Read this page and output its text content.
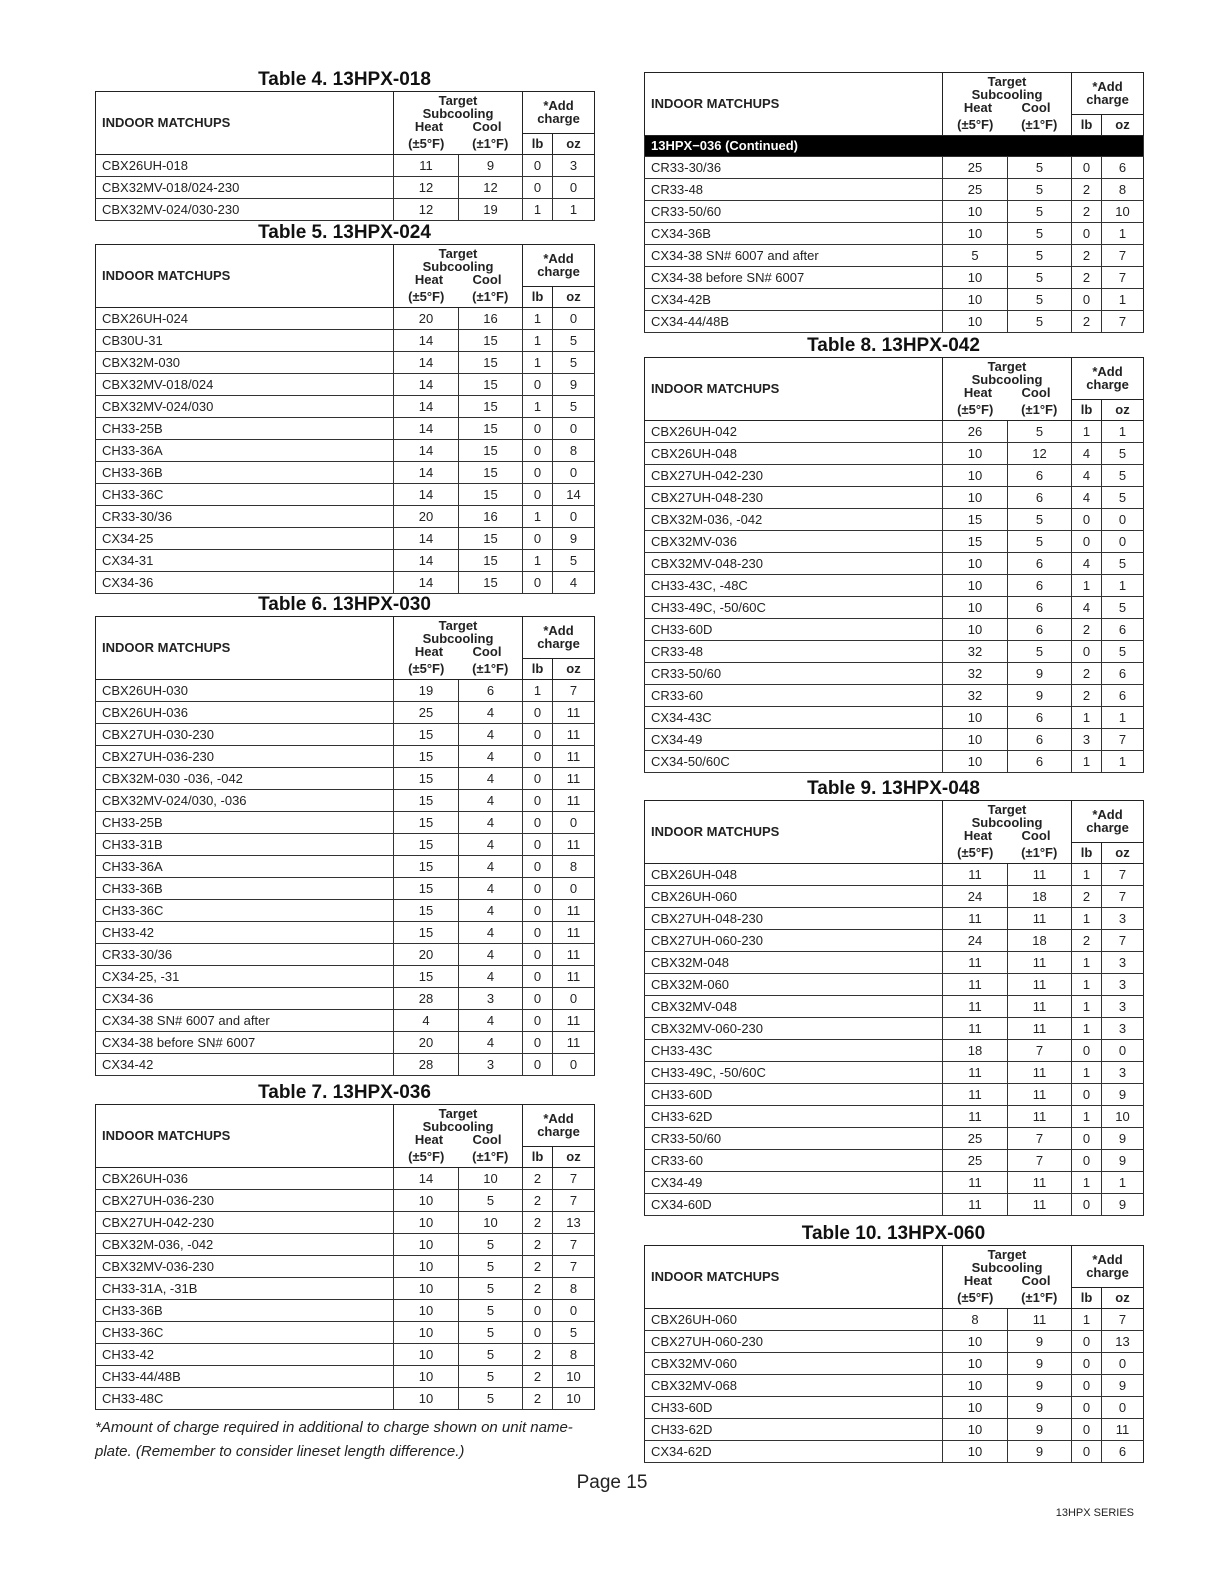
Table 4. 13HPX-018
INDOOR MATCHUPS	Target
Subcooling
Heat Cool		*Add
charge	
	(±5°F)	(±1°F)	lb	oz
CBX26UH-018	11	9	0	3
CBX32MV-018/024-230	12	12	0	0
CBX32MV-024/030-230	12	19	1	1
Table 5. 13HPX-024
INDOOR MATCHUPS	Target
Subcooling
Heat Cool		*Add
charge	
	(±5°F)	(±1°F)	lb	oz
CBX26UH-024	20	16	1	0
CB30U-31	14	15	1	5
CBX32M-030	14	15	1	5
CBX32MV-018/024	14	15	0	9
CBX32MV-024/030	14	15	1	5
CH33-25B	14	15	0	0
CH33-36A	14	15	0	8
CH33-36B	14	15	0	0
CH33-36C	14	15	0	14
CR33-30/36	20	16	1	0
CX34-25	14	15	0	9
CX34-31	14	15	1	5
CX34-36	14	15	0	4
Table 6. 13HPX-030
INDOOR MATCHUPS	Target
Subcooling
Heat Cool		*Add
charge	
	(±5°F)	(±1°F)	lb	oz
CBX26UH-030	19	6	1	7
CBX26UH-036	25	4	0	11
CBX27UH-030-230	15	4	0	11
CBX27UH-036-230	15	4	0	11
CBX32M-030 -036, -042	15	4	0	11
CBX32MV-024/030, -036	15	4	0	11
CH33-25B	15	4	0	0
CH33-31B	15	4	0	11
CH33-36A	15	4	0	8
CH33-36B	15	4	0	0
CH33-36C	15	4	0	11
CH33-42	15	4	0	11
CR33-30/36	20	4	0	11
CX34-25, -31	15	4	0	11
CX34-36	28	3	0	0
CX34-38 SN# 6007 and after	4	4	0	11
CX34-38 before SN# 6007	20	4	0	11
CX34-42	28	3	0	0
Table 7. 13HPX-036
INDOOR MATCHUPS	Target
Subcooling
Heat Cool		*Add
charge	
	(±5°F)	(±1°F)	lb	oz
CBX26UH-036	14	10	2	7
CBX27UH-036-230	10	5	2	7
CBX27UH-042-230	10	10	2	13
CBX32M-036, -042	10	5	2	7
CBX32MV-036-230	10	5	2	7
CH33-31A, -31B	10	5	2	8
CH33-36B	10	5	0	0
CH33-36C	10	5	0	5
CH33-42	10	5	2	8
CH33-44/48B	10	5	2	10
CH33-48C	10	5	2	10
INDOOR MATCHUPS	Target
Subcooling
Heat Cool		*Add
charge	
	(±5°F)	(±1°F)	lb	oz
13HPX−036 (Continued)				
CR33-30/36	25	5	0	6
CR33-48	25	5	2	8
CR33-50/60	10	5	2	10
CX34-36B	10	5	0	1
CX34-38 SN# 6007 and after	5	5	2	7
CX34-38 before SN# 6007	10	5	2	7
CX34-42B	10	5	0	1
CX34-44/48B	10	5	2	7
Table 8. 13HPX-042
INDOOR MATCHUPS	Target
Subcooling
Heat Cool		*Add
charge	
	(±5°F)	(±1°F)	lb	oz
CBX26UH-042	26	5	1	1
CBX26UH-048	10	12	4	5
CBX27UH-042-230	10	6	4	5
CBX27UH-048-230	10	6	4	5
CBX32M-036, -042	15	5	0	0
CBX32MV-036	15	5	0	0
CBX32MV-048-230	10	6	4	5
CH33-43C, -48C	10	6	1	1
CH33-49C, -50/60C	10	6	4	5
CH33-60D	10	6	2	6
CR33-48	32	5	0	5
CR33-50/60	32	9	2	6
CR33-60	32	9	2	6
CX34-43C	10	6	1	1
CX34-49	10	6	3	7
CX34-50/60C	10	6	1	1
Table 9. 13HPX-048
INDOOR MATCHUPS	Target
Subcooling
Heat Cool		*Add
charge	
	(±5°F)	(±1°F)	lb	oz
CBX26UH-048	11	11	1	7
CBX26UH-060	24	18	2	7
CBX27UH-048-230	11	11	1	3
CBX27UH-060-230	24	18	2	7
CBX32M-048	11	11	1	3
CBX32M-060	11	11	1	3
CBX32MV-048	11	11	1	3
CBX32MV-060-230	11	11	1	3
CH33-43C	18	7	0	0
CH33-49C, -50/60C	11	11	1	3
CH33-60D	11	11	0	9
CH33-62D	11	11	1	10
CR33-50/60	25	7	0	9
CR33-60	25	7	0	9
CX34-49	11	11	1	1
CX34-60D	11	11	0	9
Table 10. 13HPX-060
INDOOR MATCHUPS	Target
Subcooling
Heat Cool		*Add
charge	
	(±5°F)	(±1°F)	lb	oz
CBX26UH-060	8	11	1	7
CBX27UH-060-230	10	9	0	13
CBX32MV-060	10	9	0	0
CBX32MV-068	10	9	0	9
CH33-60D	10	9	0	0
CH33-62D	10	9	0	11
CX34-62D	10	9	0	6
*Amount of charge required in additional to charge shown on unit name-plate. (Remember to consider lineset length difference.)
Page 15
13HPX SERIES
